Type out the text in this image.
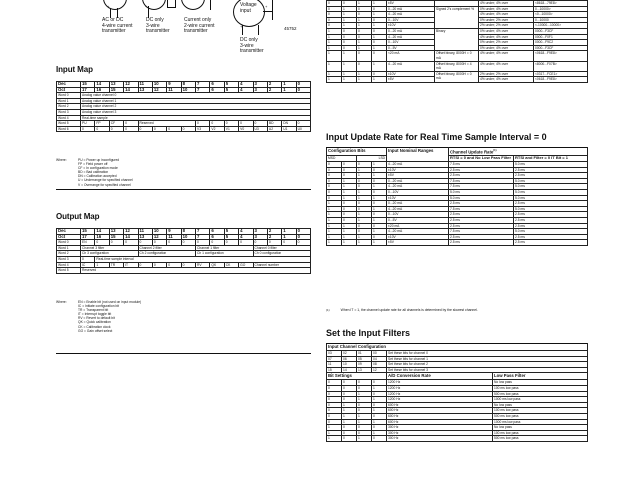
+	+	+
+
AC or DC
4-wire current
transmitter
DC only
3-wire
transmitter
Current only
2-wire current
transmitter
Voltage
input
DC only
3-wire
transmitter
45752
Input Map
Dec	15	14	13	12	11	10	9	8	7	6	5	4	3	2	1	0
Oct	17	16	15	14	13	12	11	10	7	6	5	4	3	2	1	0
Word 0	Analog value channel 0															
Word 1	Analog value channel 1															
Word 2	Analog value channel 2															
Word 3	Analog value channel 3															
Word 4	Real-time sample															
Word 5	PU	FP	CF	0	Reserved				0	0	0	0	0	BD	DN	0
Word 6	0	0	0	0	0	0	0	0	V3	V2	V1	V0	U3	U2	U1	U0
Where:	PU = Power up inconfigured
FP = Field power off
CF = In configuration mode
BD = Bad calibration
DN = Calibration accepted
U = Underrange for specified channel
V = Overrange for specified channel
Output Map
Dec	15	14	13	12	11	10	9	8	7	6	5	4	3	2	1	0
Oct	17	16	15	14	13	12	11	10	7	6	5	4	3	2	1	0
Word 0	EN	0	0	0	0	0	0	0	0	0	0	0	0	0	0	0
Word 1	Channel 3 filter				Channel 2 filter				Channel 1 filter				Channel 0 filter			
Word 2	Ch 3 configuration				Ch 2 configuration				Ch 1 configuration				Ch 0 configuration			
Word 3	0	Real-time sample interval														
Word 4	IC	1	TR	IT	0	0	0	0	RV	QK	CK	GO	Channel number			
Word 5	Reserved															
Where:	EN = Enable bit (not used on input module)
IC = Initiate configuration bit
TR = Transparent bit
IT = Interrupt toggle bit
RV = Revert to default bit
QK = Quick calibration
CK = Calibration clock
GO = Gain offset select
0	0	1	1	±5V		4% under; 4% over	<8618...79E8>
0	1	0	0	0...20 mA	Signed 2's complement %	0% under; 4% over	0...10000>
0	1	0	1	4...20 mA		4% under; 4% over	<0...10000>
0	1	1	0	0...10V		0% under; 2% over	0...10000
0	1	1	1	±10V		2% under; 2% over	<-10000...10000>
1	0	0	0	0...20 mA	Binary	0% under; 4% over	0000...F3CF
1	0	0	1	4...20 mA		4% under; 4% over	0000...F0F1
1	0	1	0	0...10V		0% under; 2% over	0000...F9C2
1	0	1	1	0...5V		0% under; 4% over	0000...F3CF
1	1	0	0	<20 mA	Offset binary, 8000H = 0 mA	4% under; 4% over	<0618...F9E8>
1	1	0	1	4...20 mA	Offset binary, 8000H = 4 mA	4% under; 4% over	<8000...F07B>
1	1	1	0	±10V	Offset binary, 8000H = 0 mA	2% under; 2% over	<0317...FCE1>
1	1	1	1	±5V		4% under; 4% over	<0618...F9E8>
Input Update Rate for Real Time Sample Interval = 0
Configuration Bits				Input Nominal Ranges	Channel Update Rate$^{(1)}$
MSD		LSD			RTSI = 0 and No Low Pass Filter	RTSI and Filter = 0 IT Bit = 1
0	0	0	1	4...20 mA	7.5 ms	5.0 ms
0	0	1	0	±10V	2.5 ms	2.5 ms
0	0	1	1	±5V	2.5 ms	2.5 ms
0	1	0	0	0...20 mA	7.5 ms	5.0 ms
0	1	0	1	4...20 mA	7.5 ms	5.0 ms
0	1	1	0	0...10V	5.0 ms	5.0 ms
0	1	1	1	±10V	5.0 ms	5.0 ms
1	0	0	0	0...20 mA	2.5 ms	2.5 ms
1	0	0	1	4...20 mA	7.5 ms	5.0 ms
1	0	1	0	0...10V	2.5 ms	2.5 ms
1	0	1	1	0...5V	2.5 ms	2.5 ms
1	1	0	0	±20 mA	2.5 ms	2.5 ms
1	1	0	1	4...20 mA	7.5 ms	5.0 ms
1	1	1	0	±10V	2.5 ms	2.5 ms
1	1	1	1	±5V	2.5 ms	2.5 ms
(1)	When IT = 1, the channel update rate for all channels is determined by the slowest channel.
Set the Input Filters
Input Channel Configuration					
03	02	01	00	Set these bits for channel 0	
07	06	05	04	Set these bits for channel 1	
11	10	09	08	Set these bits for channel 2	
15	14	13	12	Set these bits for channel 3	
Bit Settings				A/D Conversion Rate	Low Pass Filter
0	0	0	0	1200 Hz	No low pass
0	0	0	1	1200 Hz	100 ms low pass
0	0	1	0	1200 Hz	500 ms low pass
0	0	1	1	1200 Hz	1000 ms low pass
0	1	0	0	600 Hz	No low pass
0	1	0	1	600 Hz	100 ms low pass
0	1	1	0	600 Hz	500 ms low pass
0	1	1	1	600 Hz	1000 ms low pass
1	0	0	0	300 Hz	No low pass
1	0	0	1	300 Hz	100 ms low pass
1	0	1	0	300 Hz	500 ms low pass
